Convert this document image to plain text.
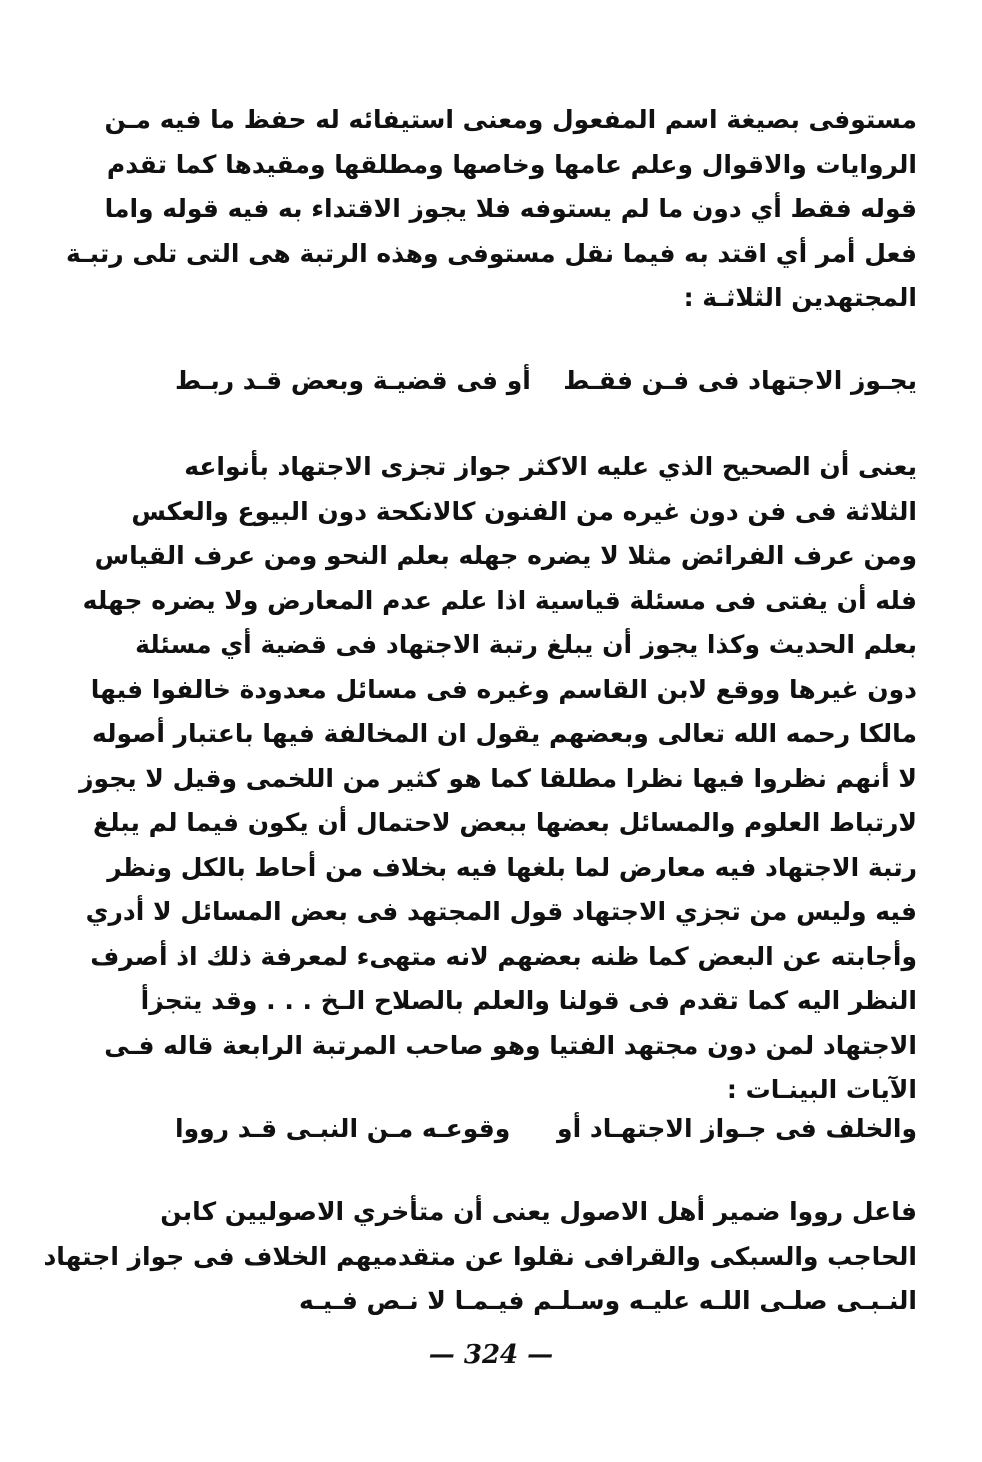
مستوفى بصيغة اسم المفعول ومعنى استيفائه له حفظ ما فيه مـن
الروايات والاقوال وعلم عامها وخاصها ومطلقها ومقيدها كما تقدم
قوله فقط أي دون ما لم يستوفه فلا يجوز الاقتداء به فيه قوله واما
فعل أمر أي اقتد به فيما نقل مستوفى وهذه الرتبة هى التى تلى رتبـة
المجتهدين الثلاثـة :
يجـوز الاجتهاد فى فـن فقـط
أو فى قضيـة وبعض قـد ربـط
يعنى أن الصحيح الذي عليه الاكثر جواز تجزى الاجتهاد بأنواعه
الثلاثة فى فن دون غيره من الفنون كالانكحة دون البيوع والعكس
ومن عرف الفرائض مثلا لا يضره جهله بعلم النحو ومن عرف القياس
فله أن يفتى فى مسئلة قياسية اذا علم عدم المعارض ولا يضره جهله
بعلم الحديث وكذا يجوز أن يبلغ رتبة الاجتهاد فى قضية أي مسئلة
دون غيرها ووقع لابن القاسم وغيره فى مسائل معدودة خالفوا فيها
مالكا رحمه الله تعالى وبعضهم يقول ان المخالفة فيها باعتبار أصوله
لا أنهم نظروا فيها نظرا مطلقا كما هو كثير من اللخمى وقيل لا يجوز
لارتباط العلوم والمسائل بعضها ببعض لاحتمال أن يكون فيما لم يبلغ
رتبة الاجتهاد فيه معارض لما بلغها فيه بخلاف من أحاط بالكل ونظر
فيه وليس من تجزي الاجتهاد قول المجتهد فى بعض المسائل لا أدري
وأجابته عن البعض كما ظنه بعضهم لانه متهىء لمعرفة ذلك اذ أصرف
النظر اليه كما تقدم فى قولنا والعلم بالصلاح الـخ . . . وقد يتجزأ
الاجتهاد لمن دون مجتهد الفتيا وهو صاحب المرتبة الرابعة قاله فـى
الآيات البينـات :
والخلف فى جـواز الاجتهـاد أو
وقوعـه مـن النبـى قـد رووا
فاعل رووا ضمير أهل الاصول يعنى أن متأخري الاصوليين كابن
الحاجب والسبكى والقرافى نقلوا عن متقدميهم الخلاف فى جواز اجتهاد
النـبـى صلـى اللـه عليـه وسـلـم فيـمـا لا نـص فـيـه
— 324 —
